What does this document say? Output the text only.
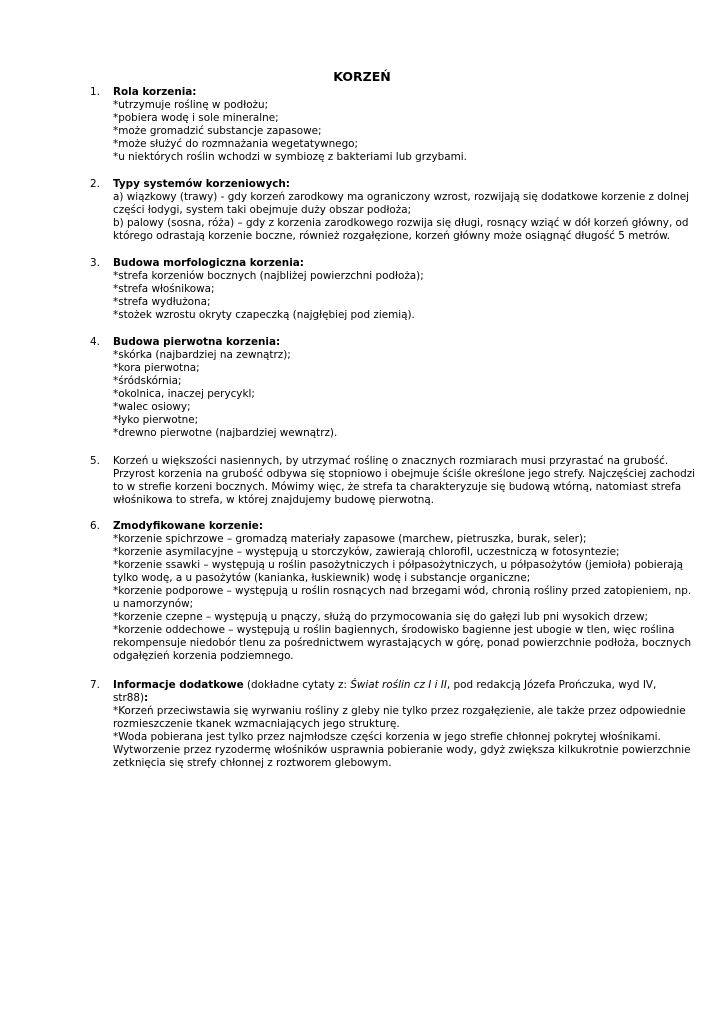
KORZEŃ
1.	Rola korzenia:
*utrzymuje roślinę w podłożu;
*pobiera wodę i sole mineralne;
*może gromadzić substancje zapasowe;
*może służyć do rozmnażania wegetatywnego;
*u niektórych roślin wchodzi w symbiozę z bakteriami lub grzybami.
2.	Typy systemów korzeniowych:
a) wiązkowy (trawy) - gdy korzeń zarodkowy ma ograniczony wzrost, rozwijają się dodatkowe korzenie z dolnej
części łodygi, system taki obejmuje duży obszar podłoża;
b) palowy (sosna, róża) – gdy z korzenia zarodkowego rozwija się długi, rosnący wziąć w dół korzeń główny, od
którego odrastają korzenie boczne, również rozgałęzione, korzeń główny może osiągnąć długość 5 metrów.
3.	Budowa morfologiczna korzenia:
*strefa korzeniów bocznych (najbliżej powierzchni podłoża);
*strefa włośnikowa;
*strefa wydłużona;
*stożek wzrostu okryty czapeczką (najgłębiej pod ziemią).
4.	Budowa pierwotna korzenia:
*skórka (najbardziej na zewnątrz);
*kora pierwotna;
*śródskórnia;
*okolnica, inaczej perycykl;
*walec osiowy;
*łyko pierwotne;
*drewno pierwotne (najbardziej wewnątrz).
5.	Korzeń u większości nasiennych, by utrzymać roślinę o znacznych rozmiarach musi przyrastać na grubość.
Przyrost korzenia na grubość odbywa się stopniowo i obejmuje ściśle określone jego strefy. Najczęściej zachodzi
to w strefie korzeni bocznych. Mówimy więc, że strefa ta charakteryzuje się budową wtórną, natomiast strefa
włośnikowa to strefa, w której znajdujemy budowę pierwotną.
6.	Zmodyfikowane korzenie:
*korzenie spichrzowe – gromadzą materiały zapasowe (marchew, pietruszka, burak, seler);
*korzenie asymilacyjne – występują u storczyków, zawierają chlorofil, uczestniczą w fotosyntezie;
*korzenie ssawki – występują u roślin pasożytniczych i półpasożytniczych, u półpasożytów (jemioła) pobierają
tylko wodę, a u pasożytów (kanianka, łuskiewnik) wodę i substancje organiczne;
*korzenie podporowe – występują u roślin rosnących nad brzegami wód, chronią rośliny przed zatopieniem, np.
u namorzynów;
*korzenie czepne – występują u pnączy, służą do przymocowania się do gałęzi lub pni wysokich drzew;
*korzenie oddechowe – występują u roślin bagiennych, środowisko bagienne jest ubogie w tlen, więc roślina
rekompensuje niedobór tlenu za pośrednictwem wyrastających w górę, ponad powierzchnie podłoża, bocznych
odgałęzień korzenia podziemnego.
7.	Informacje dodatkowe (dokładne cytaty z: Świat roślin cz I i II, pod redakcją Józefa Prończuka, wyd IV,
str88):
*Korzeń przeciwstawia się wyrwaniu rośliny z gleby nie tylko przez rozgałęzienie, ale także przez odpowiednie
rozmieszczenie tkanek wzmacniających jego strukturę.
*Woda pobierana jest tylko przez najmłodsze części korzenia w jego strefie chłonnej pokrytej włośnikami.
Wytworzenie przez ryzodermę włośników usprawnia pobieranie wody, gdyż zwiększa kilkukrotnie powierzchnie
zetknięcia się strefy chłonnej z roztworem glebowym.
